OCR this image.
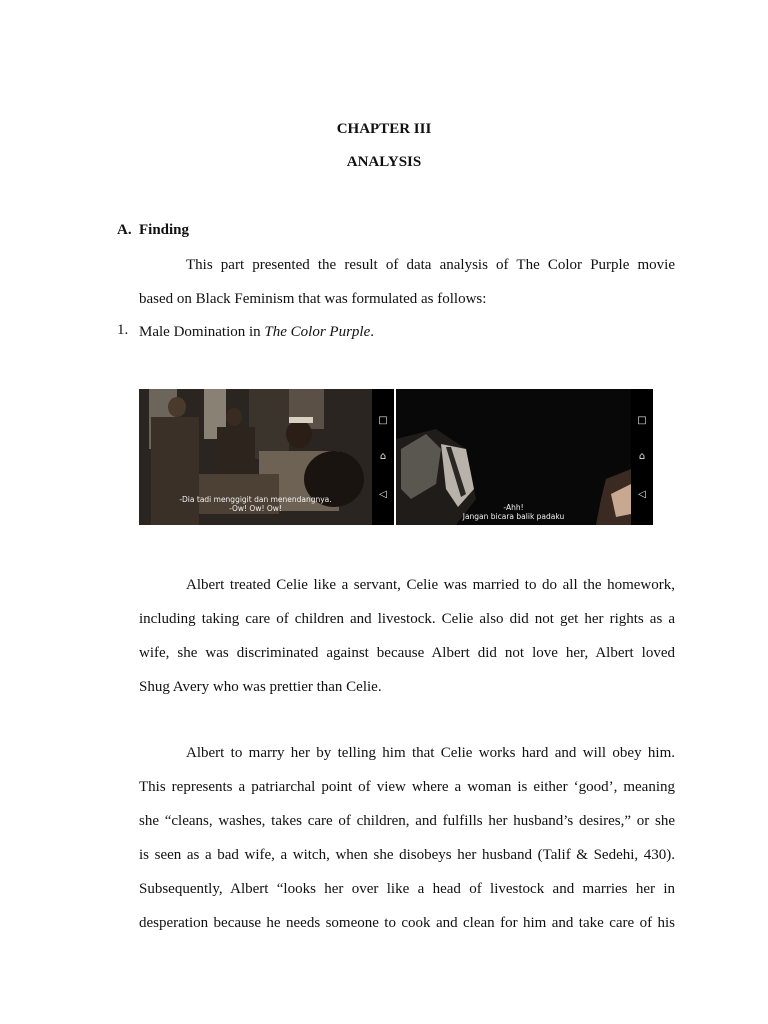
CHAPTER III
ANALYSIS
A. Finding
This part presented the result of data analysis of The Color Purple movie
based on Black Feminism that was formulated as follows:
1. Male Domination in The Color Purple.
□
⌂
◁
-Dia tadi menggigit dan menendangnya.
-Ow! Ow! Ow!
□
⌂
◁
-Ahh!
Jangan bicara balik padaku
Albert treated Celie like a servant, Celie was married to do all the homework,
including taking care of children and livestock. Celie also did not get her rights as a
wife, she was discriminated against because Albert did not love her, Albert loved
Shug Avery who was prettier than Celie.
Albert to marry her by telling him that Celie works hard and will obey him.
This represents a patriarchal point of view where a woman is either ‘good’, meaning
she “cleans, washes, takes care of children, and fulfills her husband’s desires,” or she
is seen as a bad wife, a witch, when she disobeys her husband (Talif & Sedehi, 430).
Subsequently, Albert “looks her over like a head of livestock and marries her in
desperation because he needs someone to cook and clean for him and take care of his
